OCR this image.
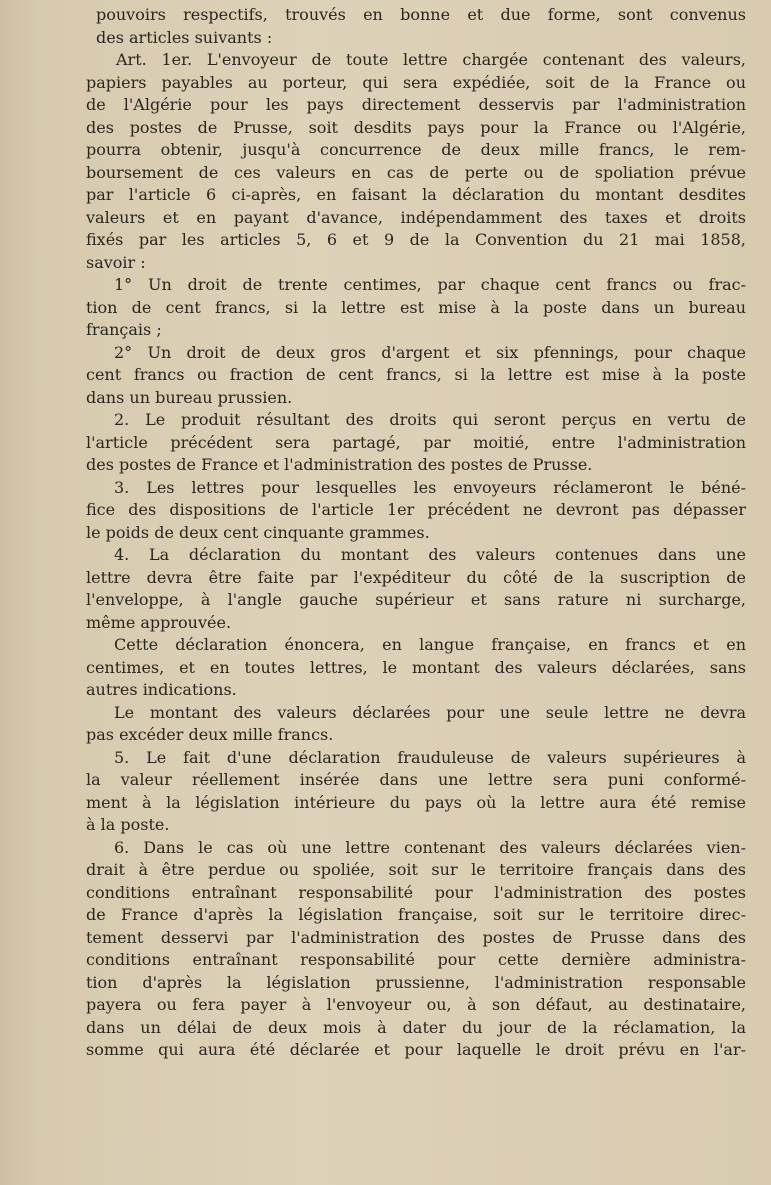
pouvoirs respectifs, trouvés en bonne et due forme, sont convenus
des articles suivants :
Art. 1er. L'envoyeur de toute lettre chargée contenant des valeurs,
papiers payables au porteur, qui sera expédiée, soit de la France ou
de l'Algérie pour les pays directement desservis par l'administration
des postes de Prusse, soit desdits pays pour la France ou l'Algérie,
pourra obtenir, jusqu'à concurrence de deux mille francs, le rem-
boursement de ces valeurs en cas de perte ou de spoliation prévue
par l'article 6 ci-après, en faisant la déclaration du montant desdites
valeurs et en payant d'avance, indépendamment des taxes et droits
fixés par les articles 5, 6 et 9 de la Convention du 21 mai 1858,
savoir :
1° Un droit de trente centimes, par chaque cent francs ou frac-
tion de cent francs, si la lettre est mise à la poste dans un bureau
français ;
2° Un droit de deux gros d'argent et six pfennings, pour chaque
cent francs ou fraction de cent francs, si la lettre est mise à la poste
dans un bureau prussien.
2. Le produit résultant des droits qui seront perçus en vertu de
l'article précédent sera partagé, par moitié, entre l'administration
des postes de France et l'administration des postes de Prusse.
3. Les lettres pour lesquelles les envoyeurs réclameront le béné-
fice des dispositions de l'article 1er précédent ne devront pas dépasser
le poids de deux cent cinquante grammes.
4. La déclaration du montant des valeurs contenues dans une
lettre devra être faite par l'expéditeur du côté de la suscription de
l'enveloppe, à l'angle gauche supérieur et sans rature ni surcharge,
même approuvée.
Cette déclaration énoncera, en langue française, en francs et en
centimes, et en toutes lettres, le montant des valeurs déclarées, sans
autres indications.
Le montant des valeurs déclarées pour une seule lettre ne devra
pas excéder deux mille francs.
5. Le fait d'une déclaration frauduleuse de valeurs supérieures à
la valeur réellement insérée dans une lettre sera puni conformé-
ment à la législation intérieure du pays où la lettre aura été remise
à la poste.
6. Dans le cas où une lettre contenant des valeurs déclarées vien-
drait à être perdue ou spoliée, soit sur le territoire français dans des
conditions entraînant responsabilité pour l'administration des postes
de France d'après la législation française, soit sur le territoire direc-
tement desservi par l'administration des postes de Prusse dans des
conditions entraînant responsabilité pour cette dernière administra-
tion d'après la législation prussienne, l'administration responsable
payera ou fera payer à l'envoyeur ou, à son défaut, au destinataire,
dans un délai de deux mois à dater du jour de la réclamation, la
somme qui aura été déclarée et pour laquelle le droit prévu en l'ar-
